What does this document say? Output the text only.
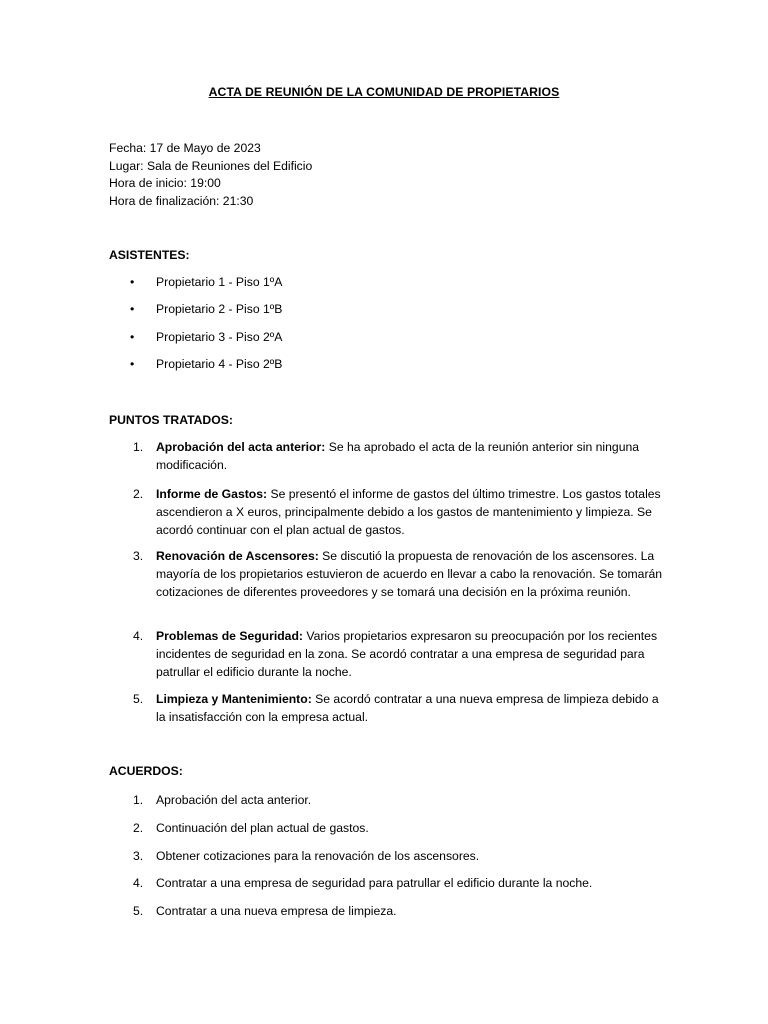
ACTA DE REUNIÓN DE LA COMUNIDAD DE PROPIETARIOS
Fecha: 17 de Mayo de 2023
Lugar: Sala de Reuniones del Edificio
Hora de inicio: 19:00
Hora de finalización: 21:30
ASISTENTES:
• Propietario 1 - Piso 1ºA
• Propietario 2 - Piso 1ºB
• Propietario 3 - Piso 2ºA
• Propietario 4 - Piso 2ºB
PUNTOS TRATADOS:
1. Aprobación del acta anterior: Se ha aprobado el acta de la reunión anterior sin ninguna modificación.
2. Informe de Gastos: Se presentó el informe de gastos del último trimestre. Los gastos totales ascendieron a X euros, principalmente debido a los gastos de mantenimiento y limpieza. Se acordó continuar con el plan actual de gastos.
3. Renovación de Ascensores: Se discutió la propuesta de renovación de los ascensores. La mayoría de los propietarios estuvieron de acuerdo en llevar a cabo la renovación. Se tomarán cotizaciones de diferentes proveedores y se tomará una decisión en la próxima reunión.
4. Problemas de Seguridad: Varios propietarios expresaron su preocupación por los recientes incidentes de seguridad en la zona. Se acordó contratar a una empresa de seguridad para patrullar el edificio durante la noche.
5. Limpieza y Mantenimiento: Se acordó contratar a una nueva empresa de limpieza debido a la insatisfacción con la empresa actual.
ACUERDOS:
1. Aprobación del acta anterior.
2. Continuación del plan actual de gastos.
3. Obtener cotizaciones para la renovación de los ascensores.
4. Contratar a una empresa de seguridad para patrullar el edificio durante la noche.
5. Contratar a una nueva empresa de limpieza.
